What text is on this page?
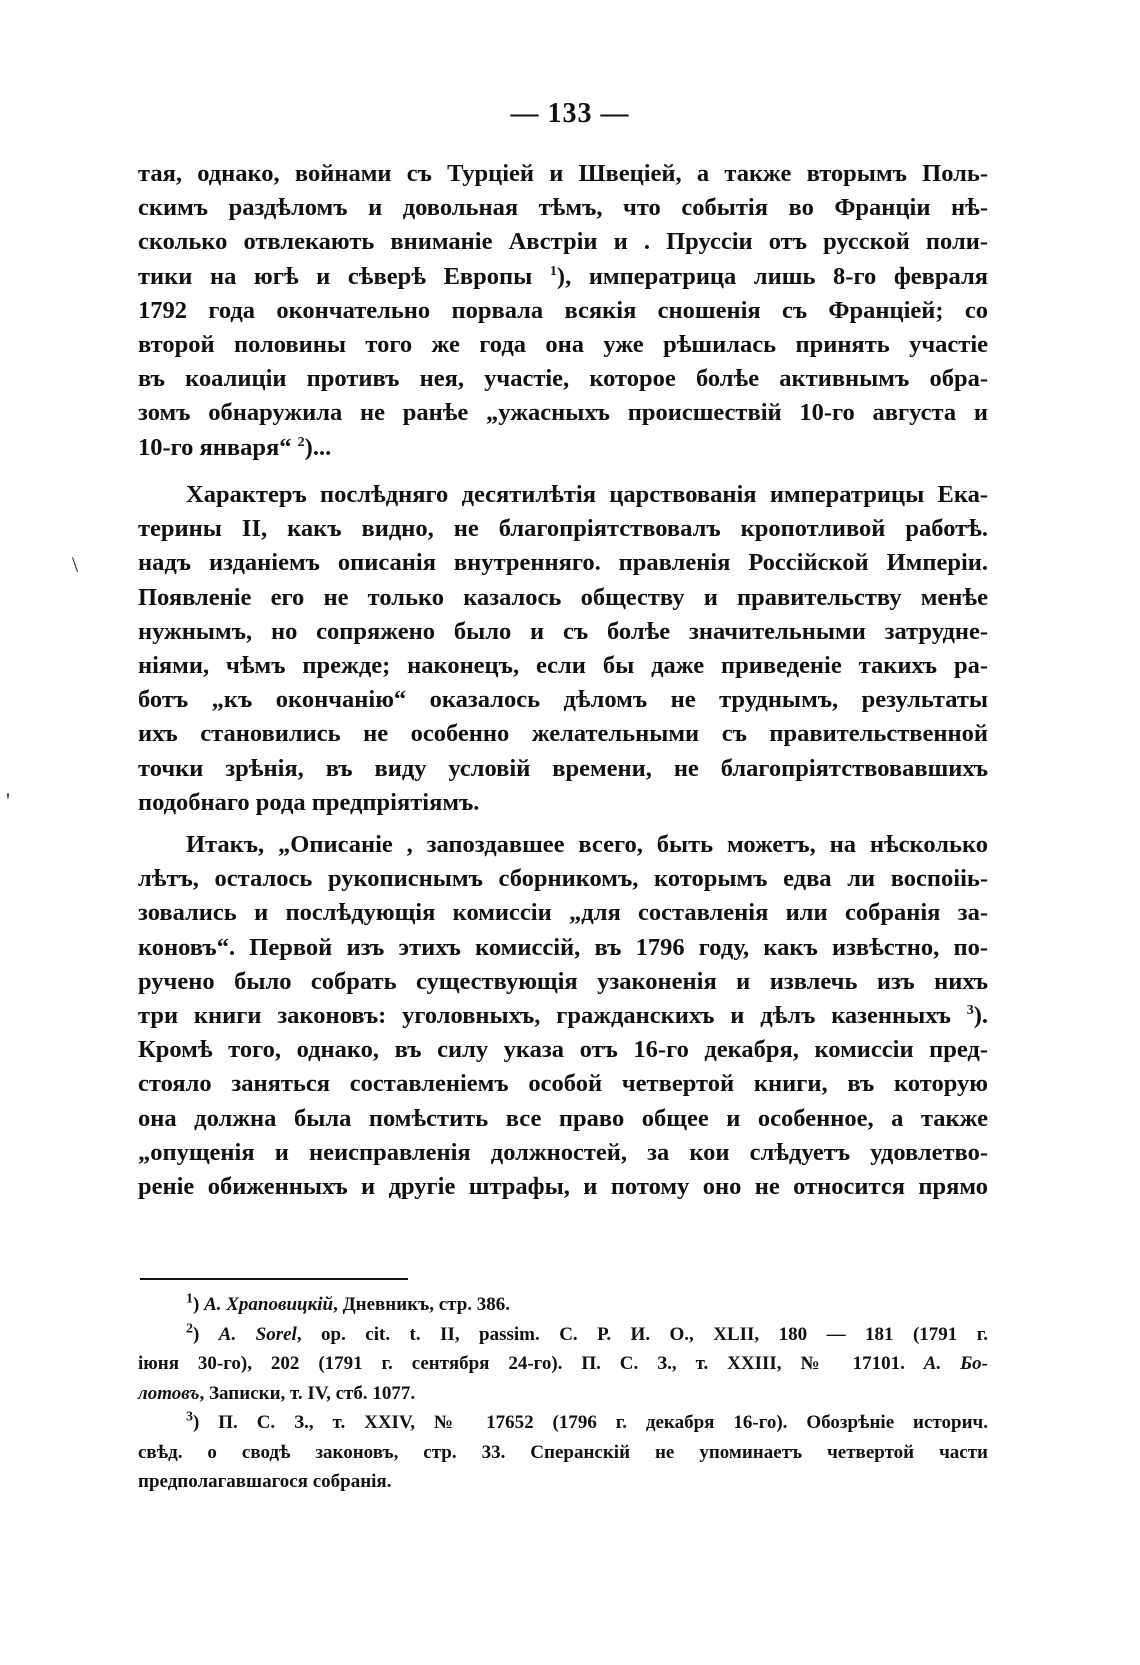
— 133 —
\
'
тая, однако, войнами съ Турціей и Швеціей, а также вторымъ Поль-
скимъ раздѣломъ и довольная тѣмъ, что событія во Франціи нѣ-
сколько отвлекають вниманіе Австріи и . Пруссіи отъ русской поли-
тики на югѣ и сѣверѣ Европы $^1$), императрица лишь 8-го февраля
1792 года окончательно порвала всякія сношенія съ Франціей; со
второй половины того же года она уже рѣшилась принять участіе
въ коалиціи противъ нея, участіе, которое болѣе активнымъ обра-
зомъ обнаружила не ранѣе „ужасныхъ происшествій 10-го августа и
10-го января“ $^2$)...
Характеръ послѣдняго десятилѣтія царствованія императрицы Ека-
терины II, какъ видно, не благопріятствовалъ кропотливой работѣ.
надъ изданіемъ описанія внутренняго. правленія Россійской Имперіи.
Появленіе его не только казалось обществу и правительству менѣе
нужнымъ, но сопряжено было и съ болѣе значительными затрудне-
ніями, чѣмъ прежде; наконецъ, если бы даже приведеніе такихъ ра-
ботъ „къ окончанію“ оказалось дѣломъ не труднымъ, результаты
ихъ становились не особенно желательными съ правительственной
точки зрѣнія, въ виду условій времени, не благопріятствовавшихъ
подобнаго рода предпріятіямъ.
Итакъ, „Описаніе , запоздавшее всего, быть можетъ, на нѣсколько
лѣтъ, осталось рукописнымъ сборникомъ, которымъ едва ли воспоііь-
зовались и послѣдующія комиссіи „для составленія или собранія за-
коновъ“. Первой изъ этихъ комиссій, въ 1796 году, какъ извѣстно, по-
ручено было собрать существующія узаконенія и извлечь изъ нихъ
три книги законовъ: уголовныхъ, гражданскихъ и дѣлъ казенныхъ $^3$).
Кромѣ того, однако, въ силу указа отъ 16-го декабря, комиссіи пред-
стояло заняться составленіемъ особой четвертой книги, въ которую
она должна была помѣстить все право общее и особенное, а также
„опущенія и неисправленія должностей, за кои слѣдуетъ удовлетво-
реніе обиженныхъ и другіе штрафы, и потому оно не относится прямо
$^1$) А. Храповицкій, Дневникъ, стр. 386.
$^2$) А. Sorel, op. cit. t. II, passim. С. Р. И. О., XLII, 180 — 181 (1791 г.
іюня 30-го), 202 (1791 г. сентября 24-го). П. С. З., т. XXIII, № 17101. А. Бо-
лотовъ, Записки, т. IV, стб. 1077.
$^3$) П. С. З., т. XXIV, № 17652 (1796 г. декабря 16-го). Обозрѣніе историч.
свѣд. о сводѣ законовъ, стр. 33. Сперанскій не упоминаетъ четвертой части
предполагавшагося собранія.
